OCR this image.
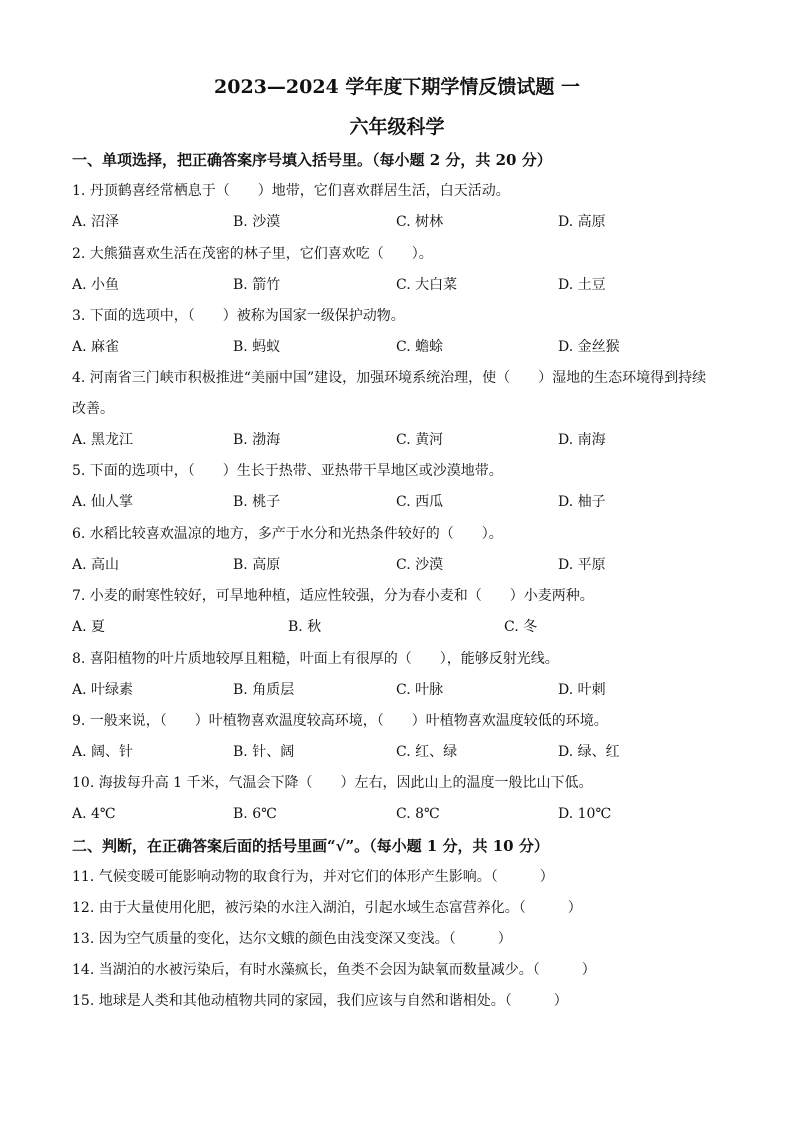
2023—2024 学年度下期学情反馈试题 一
六年级科学
一、单项选择，把正确答案序号填入括号里。（每小题 2 分，共 20 分）
1. 丹顶鹤喜经常栖息于（　　）地带，它们喜欢群居生活，白天活动。
A. 沼泽	B. 沙漠	C. 树林	D. 高原
2. 大熊猫喜欢生活在茂密的林子里，它们喜欢吃（　　）。
A. 小鱼	B. 箭竹	C. 大白菜	D. 土豆
3. 下面的选项中，（　　）被称为国家一级保护动物。
A. 麻雀	B. 蚂蚁	C. 蟾蜍	D. 金丝猴
4. 河南省三门峡市积极推进“美丽中国”建设，加强环境系统治理，使（　　）湿地的生态环境得到持续
改善。
A. 黑龙江	B. 渤海	C. 黄河	D. 南海
5. 下面的选项中，（　　）生长于热带、亚热带干旱地区或沙漠地带。
A. 仙人掌	B. 桃子	C. 西瓜	D. 柚子
6. 水稻比较喜欢温凉的地方，多产于水分和光热条件较好的（　　）。
A. 高山	B. 高原	C. 沙漠	D. 平原
7. 小麦的耐寒性较好，可旱地种植，适应性较强，分为春小麦和（　　）小麦两种。
A. 夏	B. 秋	C. 冬
8. 喜阳植物的叶片质地较厚且粗糙，叶面上有很厚的（　　），能够反射光线。
A. 叶绿素	B. 角质层	C. 叶脉	D. 叶刺
9. 一般来说，（　　）叶植物喜欢温度较高环境，（　　）叶植物喜欢温度较低的环境。
A. 阔、针	B. 针、阔	C. 红、绿	D. 绿、红
10. 海拔每升高 1 千米，气温会下降（　　）左右，因此山上的温度一般比山下低。
A. 4℃	B. 6℃	C. 8℃	D. 10℃
二、判断，在正确答案后面的括号里画“√”。（每小题 1 分，共 10 分）
11. 气候变暖可能影响动物的取食行为，并对它们的体形产生影响。（　　　）
12. 由于大量使用化肥，被污染的水注入湖泊，引起水域生态富营养化。（　　　）
13. 因为空气质量的变化，达尔文蛾的颜色由浅变深又变浅。（　　　）
14. 当湖泊的水被污染后，有时水藻疯长，鱼类不会因为缺氧而数量减少。（　　　）
15. 地球是人类和其他动植物共同的家园，我们应该与自然和谐相处。（　　　）
